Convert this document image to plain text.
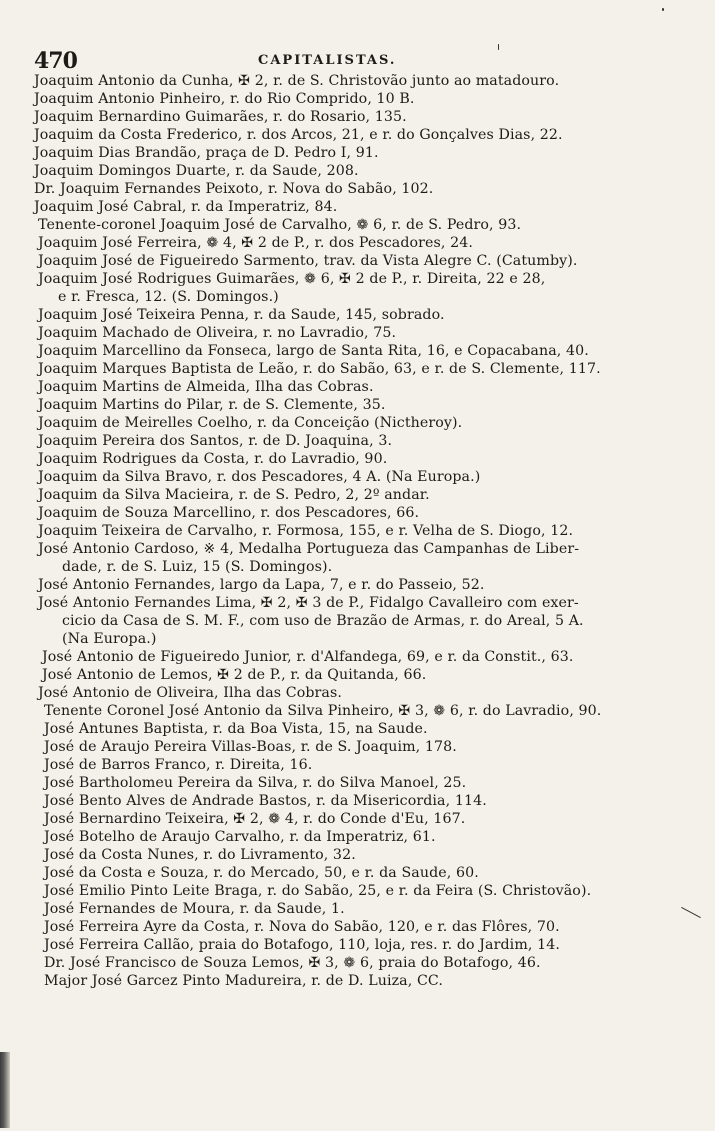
470	CAPITALISTAS.
Joaquim Antonio da Cunha, ✠ 2, r. de S. Christovão junto ao matadouro.
Joaquim Antonio Pinheiro, r. do Rio Comprido, 10 B.
Joaquim Bernardino Guimarães, r. do Rosario, 135.
Joaquim da Costa Frederico, r. dos Arcos, 21, e r. do Gonçalves Dias, 22.
Joaquim Dias Brandão, praça de D. Pedro I, 91.
Joaquim Domingos Duarte, r. da Saude, 208.
Dr. Joaquim Fernandes Peixoto, r. Nova do Sabão, 102.
Joaquim José Cabral, r. da Imperatriz, 84.
Tenente-coronel Joaquim José de Carvalho, ❁ 6, r. de S. Pedro, 93.
Joaquim José Ferreira, ❁ 4, ✠ 2 de P., r. dos Pescadores, 24.
Joaquim José de Figueiredo Sarmento, trav. da Vista Alegre C. (Catumby).
Joaquim José Rodrigues Guimarães, ❁ 6, ✠ 2 de P., r. Direita, 22 e 28,
e r. Fresca, 12. (S. Domingos.)
Joaquim José Teixeira Penna, r. da Saude, 145, sobrado.
Joaquim Machado de Oliveira, r. no Lavradio, 75.
Joaquim Marcellino da Fonseca, largo de Santa Rita, 16, e Copacabana, 40.
Joaquim Marques Baptista de Leão, r. do Sabão, 63, e r. de S. Clemente, 117.
Joaquim Martins de Almeida, Ilha das Cobras.
Joaquim Martins do Pilar, r. de S. Clemente, 35.
Joaquim de Meirelles Coelho, r. da Conceição (Nictheroy).
Joaquim Pereira dos Santos, r. de D. Joaquina, 3.
Joaquim Rodrigues da Costa, r. do Lavradio, 90.
Joaquim da Silva Bravo, r. dos Pescadores, 4 A. (Na Europa.)
Joaquim da Silva Macieira, r. de S. Pedro, 2, 2º andar.
Joaquim de Souza Marcellino, r. dos Pescadores, 66.
Joaquim Teixeira de Carvalho, r. Formosa, 155, e r. Velha de S. Diogo, 12.
José Antonio Cardoso, ※ 4, Medalha Portugueza das Campanhas de Liber-
dade, r. de S. Luiz, 15 (S. Domingos).
José Antonio Fernandes, largo da Lapa, 7, e r. do Passeio, 52.
José Antonio Fernandes Lima, ✠ 2, ✠ 3 de P., Fidalgo Cavalleiro com exer-
cicio da Casa de S. M. F., com uso de Brazão de Armas, r. do Areal, 5 A.
(Na Europa.)
José Antonio de Figueiredo Junior, r. d'Alfandega, 69, e r. da Constit., 63.
José Antonio de Lemos, ✠ 2 de P., r. da Quitanda, 66.
José Antonio de Oliveira, Ilha das Cobras.
Tenente Coronel José Antonio da Silva Pinheiro, ✠ 3, ❁ 6, r. do Lavradio, 90.
José Antunes Baptista, r. da Boa Vista, 15, na Saude.
José de Araujo Pereira Villas-Boas, r. de S. Joaquim, 178.
José de Barros Franco, r. Direita, 16.
José Bartholomeu Pereira da Silva, r. do Silva Manoel, 25.
José Bento Alves de Andrade Bastos, r. da Misericordia, 114.
José Bernardino Teixeira, ✠ 2, ❁ 4, r. do Conde d'Eu, 167.
José Botelho de Araujo Carvalho, r. da Imperatriz, 61.
José da Costa Nunes, r. do Livramento, 32.
José da Costa e Souza, r. do Mercado, 50, e r. da Saude, 60.
José Emilio Pinto Leite Braga, r. do Sabão, 25, e r. da Feira (S. Christovão).
José Fernandes de Moura, r. da Saude, 1.
José Ferreira Ayre da Costa, r. Nova do Sabão, 120, e r. das Flôres, 70.
José Ferreira Callão, praia do Botafogo, 110, loja, res. r. do Jardim, 14.
Dr. José Francisco de Souza Lemos, ✠ 3, ❁ 6, praia do Botafogo, 46.
Major José Garcez Pinto Madureira, r. de D. Luiza, CC.
